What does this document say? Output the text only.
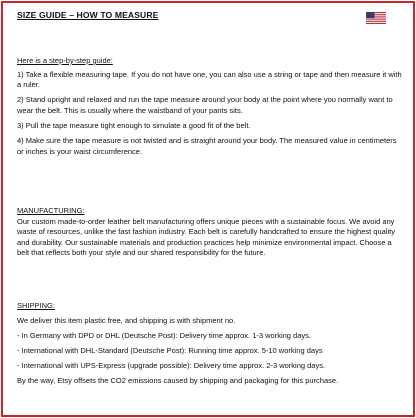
SIZE GUIDE – HOW TO MEASURE
Here is a step-by-step guide:

1) Take a flexible measuring tape. If you do not have one, you can also use a string or tape and then measure it with a ruler.

2) Stand upright and relaxed and run the tape measure around your body at the point where you normally want to wear the belt. This is usually where the waistband of your pants sits.

3) Pull the tape measure tight enough to simulate a good fit of the belt.

4) Make sure the tape measure is not twisted and is straight around your body. The measured value in centimeters or inches is your waist circumference.

MANUFACTURING:

Our custom made-to-order leather belt manufacturing offers unique pieces with a sustainable focus. We avoid any waste of resources, unlike the fast fashion industry. Each belt is carefully handcrafted to ensure the highest quality and durability. Our sustainable materials and production practices help minimize environmental impact. Choose a belt that reflects both your style and our shared responsibility for the future.

SHIPPING:

We deliver this item plastic free, and shipping is with shipment no.

- In Germany with DPD or DHL (Deutsche Post): Delivery time approx. 1-3 working days.

- International with DHL-Standard (Deutsche Post): Running time approx. 5-10 working days

- International with UPS-Express (upgrade possible): Delivery time approx. 2-3 working days.

By the way, Etsy offsets the CO2 emissions caused by shipping and packaging for this purchase.
